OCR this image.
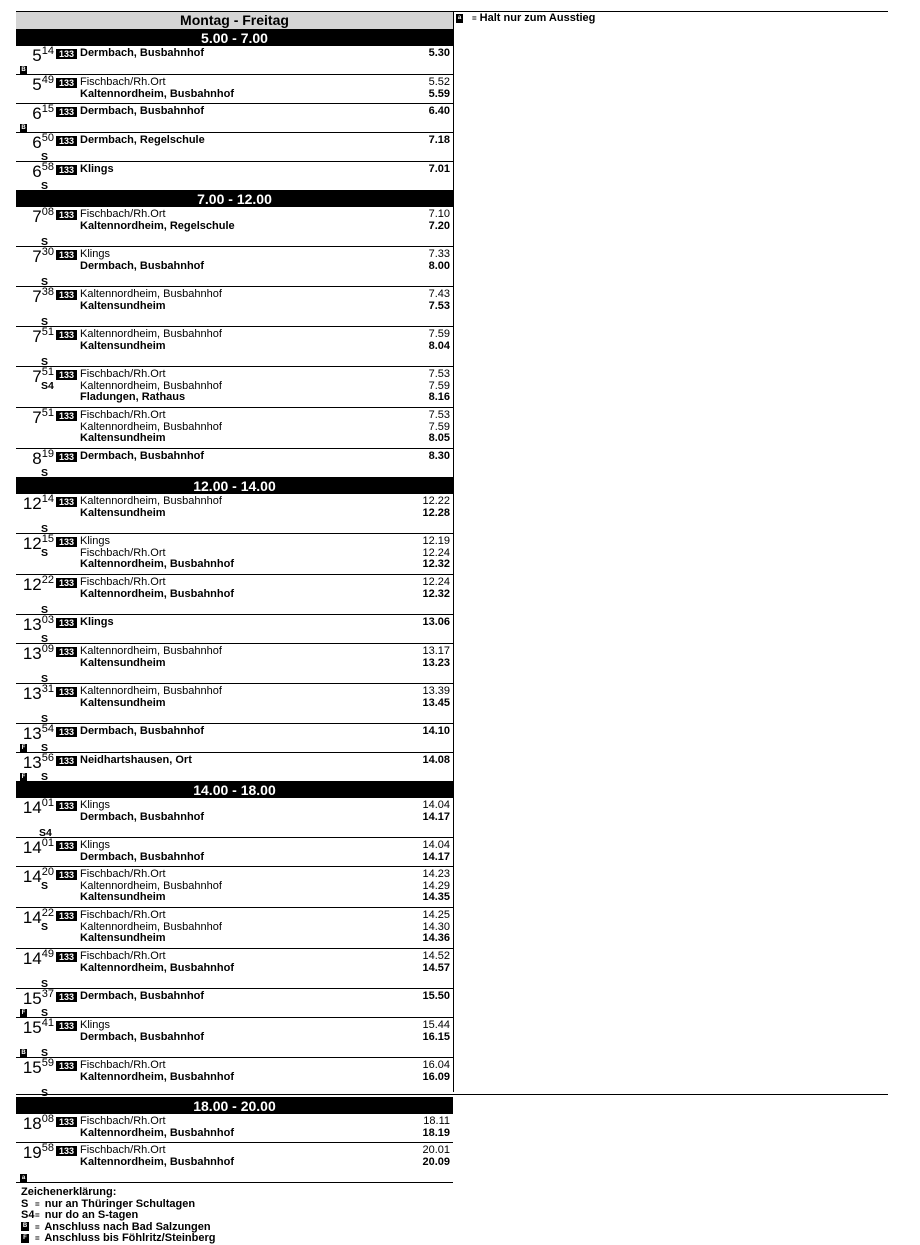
Montag - Freitag
5.00 - 7.00
$5^{14}$ 133
B
Dermbach, Busbahnhof	5.30
$5^{49}$ 133 Fischbach/Rh.Ort	5.52
Kaltennordheim, Busbahnhof	5.59
$6^{15}$ 133
B
Dermbach, Busbahnhof	6.40
$6^{50}$ 133
S
Dermbach, Regelschule	7.18
$6^{58}$ 133
S
Klings	7.01
7.00 - 12.00
$7^{08}$ 133
S
Fischbach/Rh.Ort	7.10
Kaltennordheim, Regelschule	7.20
$7^{30}$ 133
S
Klings	7.33
Dermbach, Busbahnhof	8.00
$7^{38}$ 133
S
Kaltennordheim, Busbahnhof	7.43
Kaltensundheim	7.53
$7^{51}$ 133
S
Kaltennordheim, Busbahnhof	7.59
Kaltensundheim	8.04
$7^{51}$ 133
S4
Fischbach/Rh.Ort	7.53
Kaltennordheim, Busbahnhof	7.59
Fladungen, Rathaus	8.16
$7^{51}$ 133 Fischbach/Rh.Ort	7.53
Kaltennordheim, Busbahnhof	7.59
Kaltensundheim	8.05
$8^{19}$ 133
S
Dermbach, Busbahnhof	8.30
12.00 - 14.00
$12^{14}$ 133
S
Kaltennordheim, Busbahnhof	12.22
Kaltensundheim	12.28
$12^{15}$ 133
S
Klings	12.19
Fischbach/Rh.Ort	12.24
Kaltennordheim, Busbahnhof	12.32
$12^{22}$ 133
S
Fischbach/Rh.Ort	12.24
Kaltennordheim, Busbahnhof	12.32
$13^{03}$ 133
S
Klings	13.06
$13^{09}$ 133
S
Kaltennordheim, Busbahnhof	13.17
Kaltensundheim	13.23
$13^{31}$ 133
S
Kaltennordheim, Busbahnhof	13.39
Kaltensundheim	13.45
$13^{54}$ 133
F S
Dermbach, Busbahnhof	14.10
$13^{56}$ 133
F S
Neidhartshausen, Ort	14.08
14.00 - 18.00
$14^{01}$ 133
S4
Klings	14.04
Dermbach, Busbahnhof	14.17
$14^{01}$ 133 Klings	14.04
Dermbach, Busbahnhof	14.17
$14^{20}$ 133
S
Fischbach/Rh.Ort	14.23
Kaltennordheim, Busbahnhof	14.29
Kaltensundheim	14.35
$14^{22}$ 133
S
Fischbach/Rh.Ort	14.25
Kaltennordheim, Busbahnhof	14.30
Kaltensundheim	14.36
$14^{49}$ 133
S
Fischbach/Rh.Ort	14.52
Kaltennordheim, Busbahnhof	14.57
$15^{37}$ 133
F S
Dermbach, Busbahnhof	15.50
$15^{41}$ 133
B S
Klings	15.44
Dermbach, Busbahnhof	16.15
$15^{59}$ 133
S
Fischbach/Rh.Ort	16.04
Kaltennordheim, Busbahnhof	16.09
18.00 - 20.00
$18^{08}$ 133 Fischbach/Rh.Ort	18.11
Kaltennordheim, Busbahnhof	18.19
$19^{58}$ 133
a
Fischbach/Rh.Ort	20.01
Kaltennordheim, Busbahnhof	20.09
Zeichenerklärung:
S = nur an Thüringer Schultagen
S4= nur do an S-tagen
B = Anschluss nach Bad Salzungen
F = Anschluss bis Föhlritz/Steinberg
a = Halt nur zum Ausstieg
